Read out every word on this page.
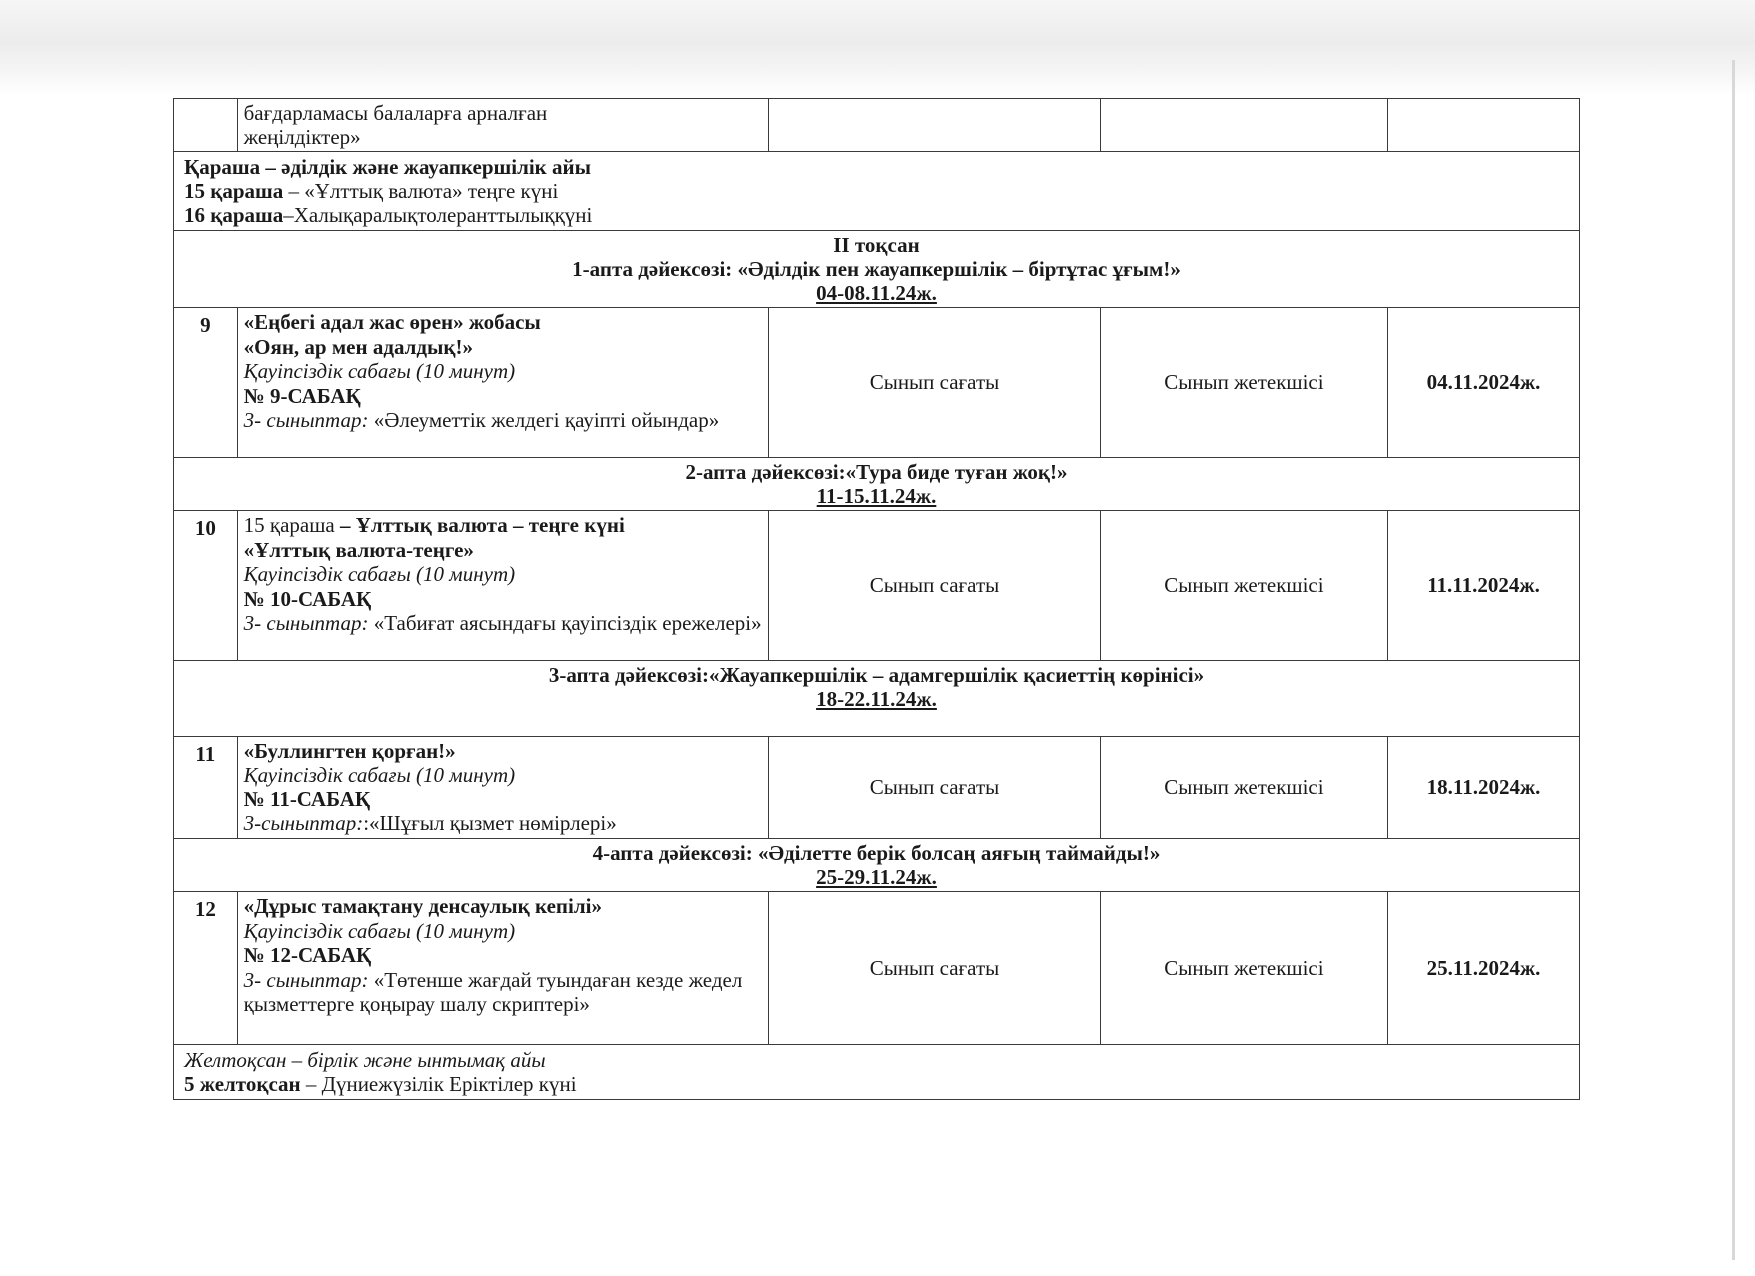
	бағдарламасы балаларға арналған
жеңілдіктер»			

Қараша – әділдік және жауапкершілік айы
15 қараша – «Ұлттық валюта» теңге күні
16 қараша–Халықаралықтолеранттылыққүні				

ІІ тоқсан
1-апта дәйексөзі: «Әділдік пен жауапкершілік – біртұтас ұғым!»
04-08.11.24ж.				

9	«Еңбегі адал жас өрен» жобасы
«Оян, ар мен адалдық!»
Қауіпсіздік сабағы (10 минут)
№ 9-САБАҚ
3- сыныптар: «Әлеуметтік желдегі қауіпті ойындар»	Сынып сағаты	Сынып жетекшісі	04.11.2024ж.

2-апта дәйексөзі:«Тура биде туған жоқ!»
11-15.11.24ж.				

10	15 қараша – Ұлттық валюта – теңге күні
«Ұлттық валюта-теңге»
Қауіпсіздік сабағы (10 минут)
№ 10-САБАҚ
3- сыныптар: «Табиғат аясындағы қауіпсіздік ережелері»	Сынып сағаты	Сынып жетекшісі	11.11.2024ж.

3-апта дәйексөзі:«Жауапкершілік – адамгершілік қасиеттің көрінісі»
18-22.11.24ж.				

11	«Буллингтен қорған!»
Қауіпсіздік сабағы (10 минут)
№ 11-САБАҚ
3-сыныптар::«Шұғыл қызмет нөмірлері»	Сынып сағаты	Сынып жетекшісі	18.11.2024ж.

4-апта дәйексөзі: «Әділетте берік болсаң аяғың таймайды!»
25-29.11.24ж.				

12	«Дұрыс тамақтану денсаулық кепілі»
Қауіпсіздік сабағы (10 минут)
№ 12-САБАҚ
3- сыныптар: «Төтенше жағдай туындаған кезде жедел қызметтерге қоңырау шалу скриптері»	Сынып сағаты	Сынып жетекшісі	25.11.2024ж.

Желтоқсан – бірлік және ынтымақ айы
5 желтоқсан – Дүниежүзілік Еріктілер күні				
